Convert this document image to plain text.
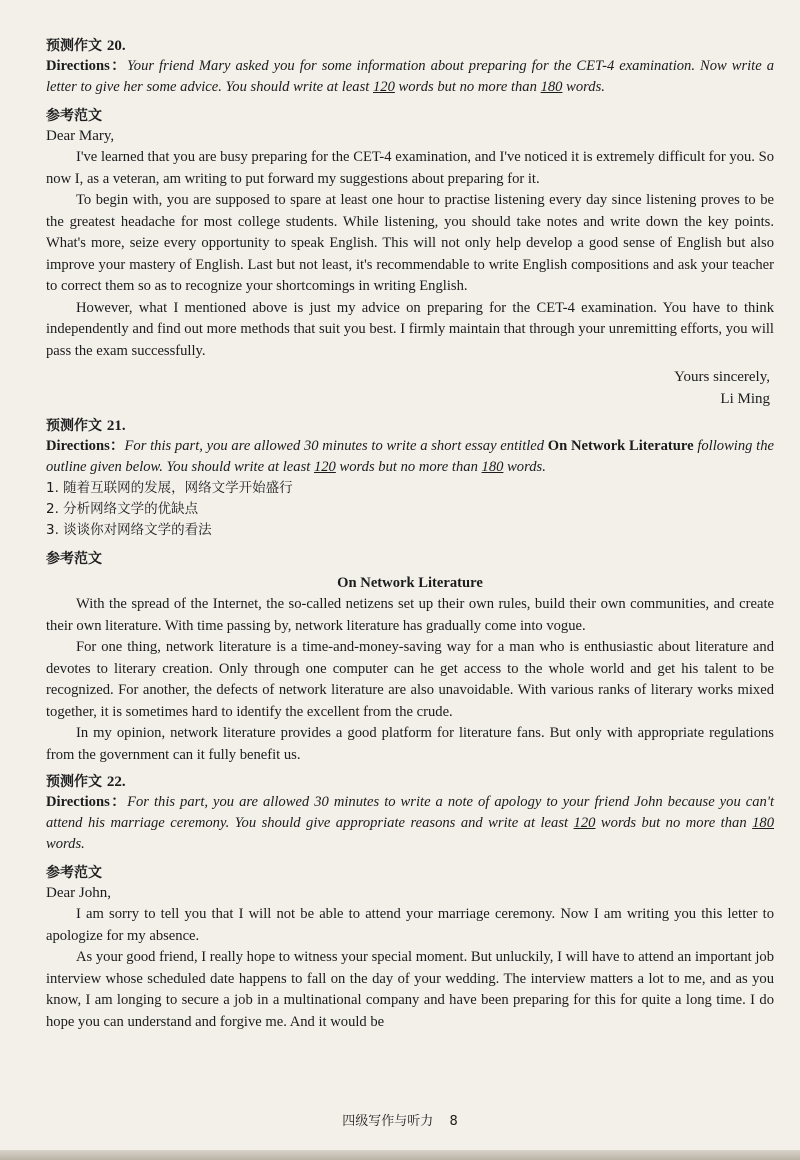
预测作文 20.

Directions：Your friend Mary asked you for some information about preparing for the CET-4 examination. Now write a letter to give her some advice. You should write at least 120 words but no more than 180 words.

参考范文

Dear Mary,

I've learned that you are busy preparing for the CET-4 examination, and I've noticed it is extremely difficult for you. So now I, as a veteran, am writing to put forward my suggestions about preparing for it.

To begin with, you are supposed to spare at least one hour to practise listening every day since listening proves to be the greatest headache for most college students. While listening, you should take notes and write down the key points. What's more, seize every opportunity to speak English. This will not only help develop a good sense of English but also improve your mastery of English. Last but not least, it's recommendable to write English compositions and ask your teacher to correct them so as to recognize your shortcomings in writing English.

However, what I mentioned above is just my advice on preparing for the CET-4 examination. You have to think independently and find out more methods that suit you best. I firmly maintain that through your unremitting efforts, you will pass the exam successfully.

Yours sincerely,

Li Ming

预测作文 21.

Directions：For this part, you are allowed 30 minutes to write a short essay entitled On Network Literature following the outline given below. You should write at least 120 words but no more than 180 words.

1. 随着互联网的发展，网络文学开始盛行

2. 分析网络文学的优缺点

3. 谈谈你对网络文学的看法

参考范文

On Network Literature

With the spread of the Internet, the so-called netizens set up their own rules, build their own communities, and create their own literature. With time passing by, network literature has gradually come into vogue.

For one thing, network literature is a time-and-money-saving way for a man who is enthusiastic about literature and devotes to literary creation. Only through one computer can he get access to the whole world and get his talent to be recognized. For another, the defects of network literature are also unavoidable. With various ranks of literary works mixed together, it is sometimes hard to identify the excellent from the crude.

In my opinion, network literature provides a good platform for literature fans. But only with appropriate regulations from the government can it fully benefit us.

预测作文 22.

Directions：For this part, you are allowed 30 minutes to write a note of apology to your friend John because you can't attend his marriage ceremony. You should give appropriate reasons and write at least 120 words but no more than 180 words.

参考范文

Dear John,

I am sorry to tell you that I will not be able to attend your marriage ceremony. Now I am writing you this letter to apologize for my absence.

As your good friend, I really hope to witness your special moment. But unluckily, I will have to attend an important job interview whose scheduled date happens to fall on the day of your wedding. The interview matters a lot to me, and as you know, I am longing to secure a job in a multinational company and have been preparing for this for quite a long time. I do hope you can understand and forgive me. And it would be

四级写作与听力 8
